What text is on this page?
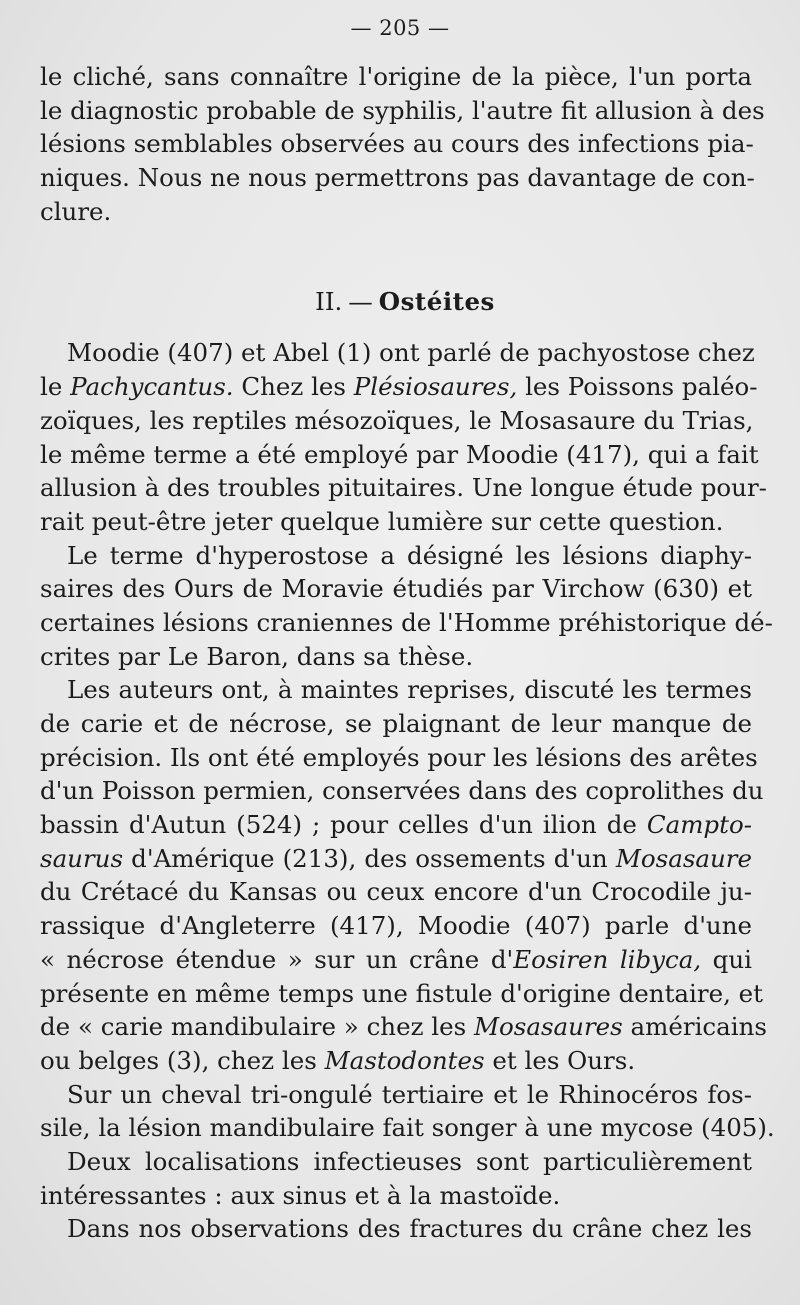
— 205 —
le cliché, sans connaître l'origine de la pièce, l'un porta
le diagnostic probable de syphilis, l'autre fit allusion à des
lésions semblables observées au cours des infections pia-
niques. Nous ne nous permettrons pas davantage de con-
clure.
II. — Ostéites
Moodie (407) et Abel (1) ont parlé de pachyostose chez
le Pachycantus. Chez les Plésiosaures, les Poissons paléo-
zoïques, les reptiles mésozoïques, le Mosasaure du Trias,
le même terme a été employé par Moodie (417), qui a fait
allusion à des troubles pituitaires. Une longue étude pour-
rait peut-être jeter quelque lumière sur cette question.
Le terme d'hyperostose a désigné les lésions diaphy-
saires des Ours de Moravie étudiés par Virchow (630) et
certaines lésions craniennes de l'Homme préhistorique dé-
crites par Le Baron, dans sa thèse.
Les auteurs ont, à maintes reprises, discuté les termes
de carie et de nécrose, se plaignant de leur manque de
précision. Ils ont été employés pour les lésions des arêtes
d'un Poisson permien, conservées dans des coprolithes du
bassin d'Autun (524) ; pour celles d'un ilion de Campto-
saurus d'Amérique (213), des ossements d'un Mosasaure
du Crétacé du Kansas ou ceux encore d'un Crocodile ju-
rassique d'Angleterre (417), Moodie (407) parle d'une
« nécrose étendue » sur un crâne d'Eosiren libyca, qui
présente en même temps une fistule d'origine dentaire, et
de « carie mandibulaire » chez les Mosasaures américains
ou belges (3), chez les Mastodontes et les Ours.
Sur un cheval tri-ongulé tertiaire et le Rhinocéros fos-
sile, la lésion mandibulaire fait songer à une mycose (405).
Deux localisations infectieuses sont particulièrement
intéressantes : aux sinus et à la mastoïde.
Dans nos observations des fractures du crâne chez les
